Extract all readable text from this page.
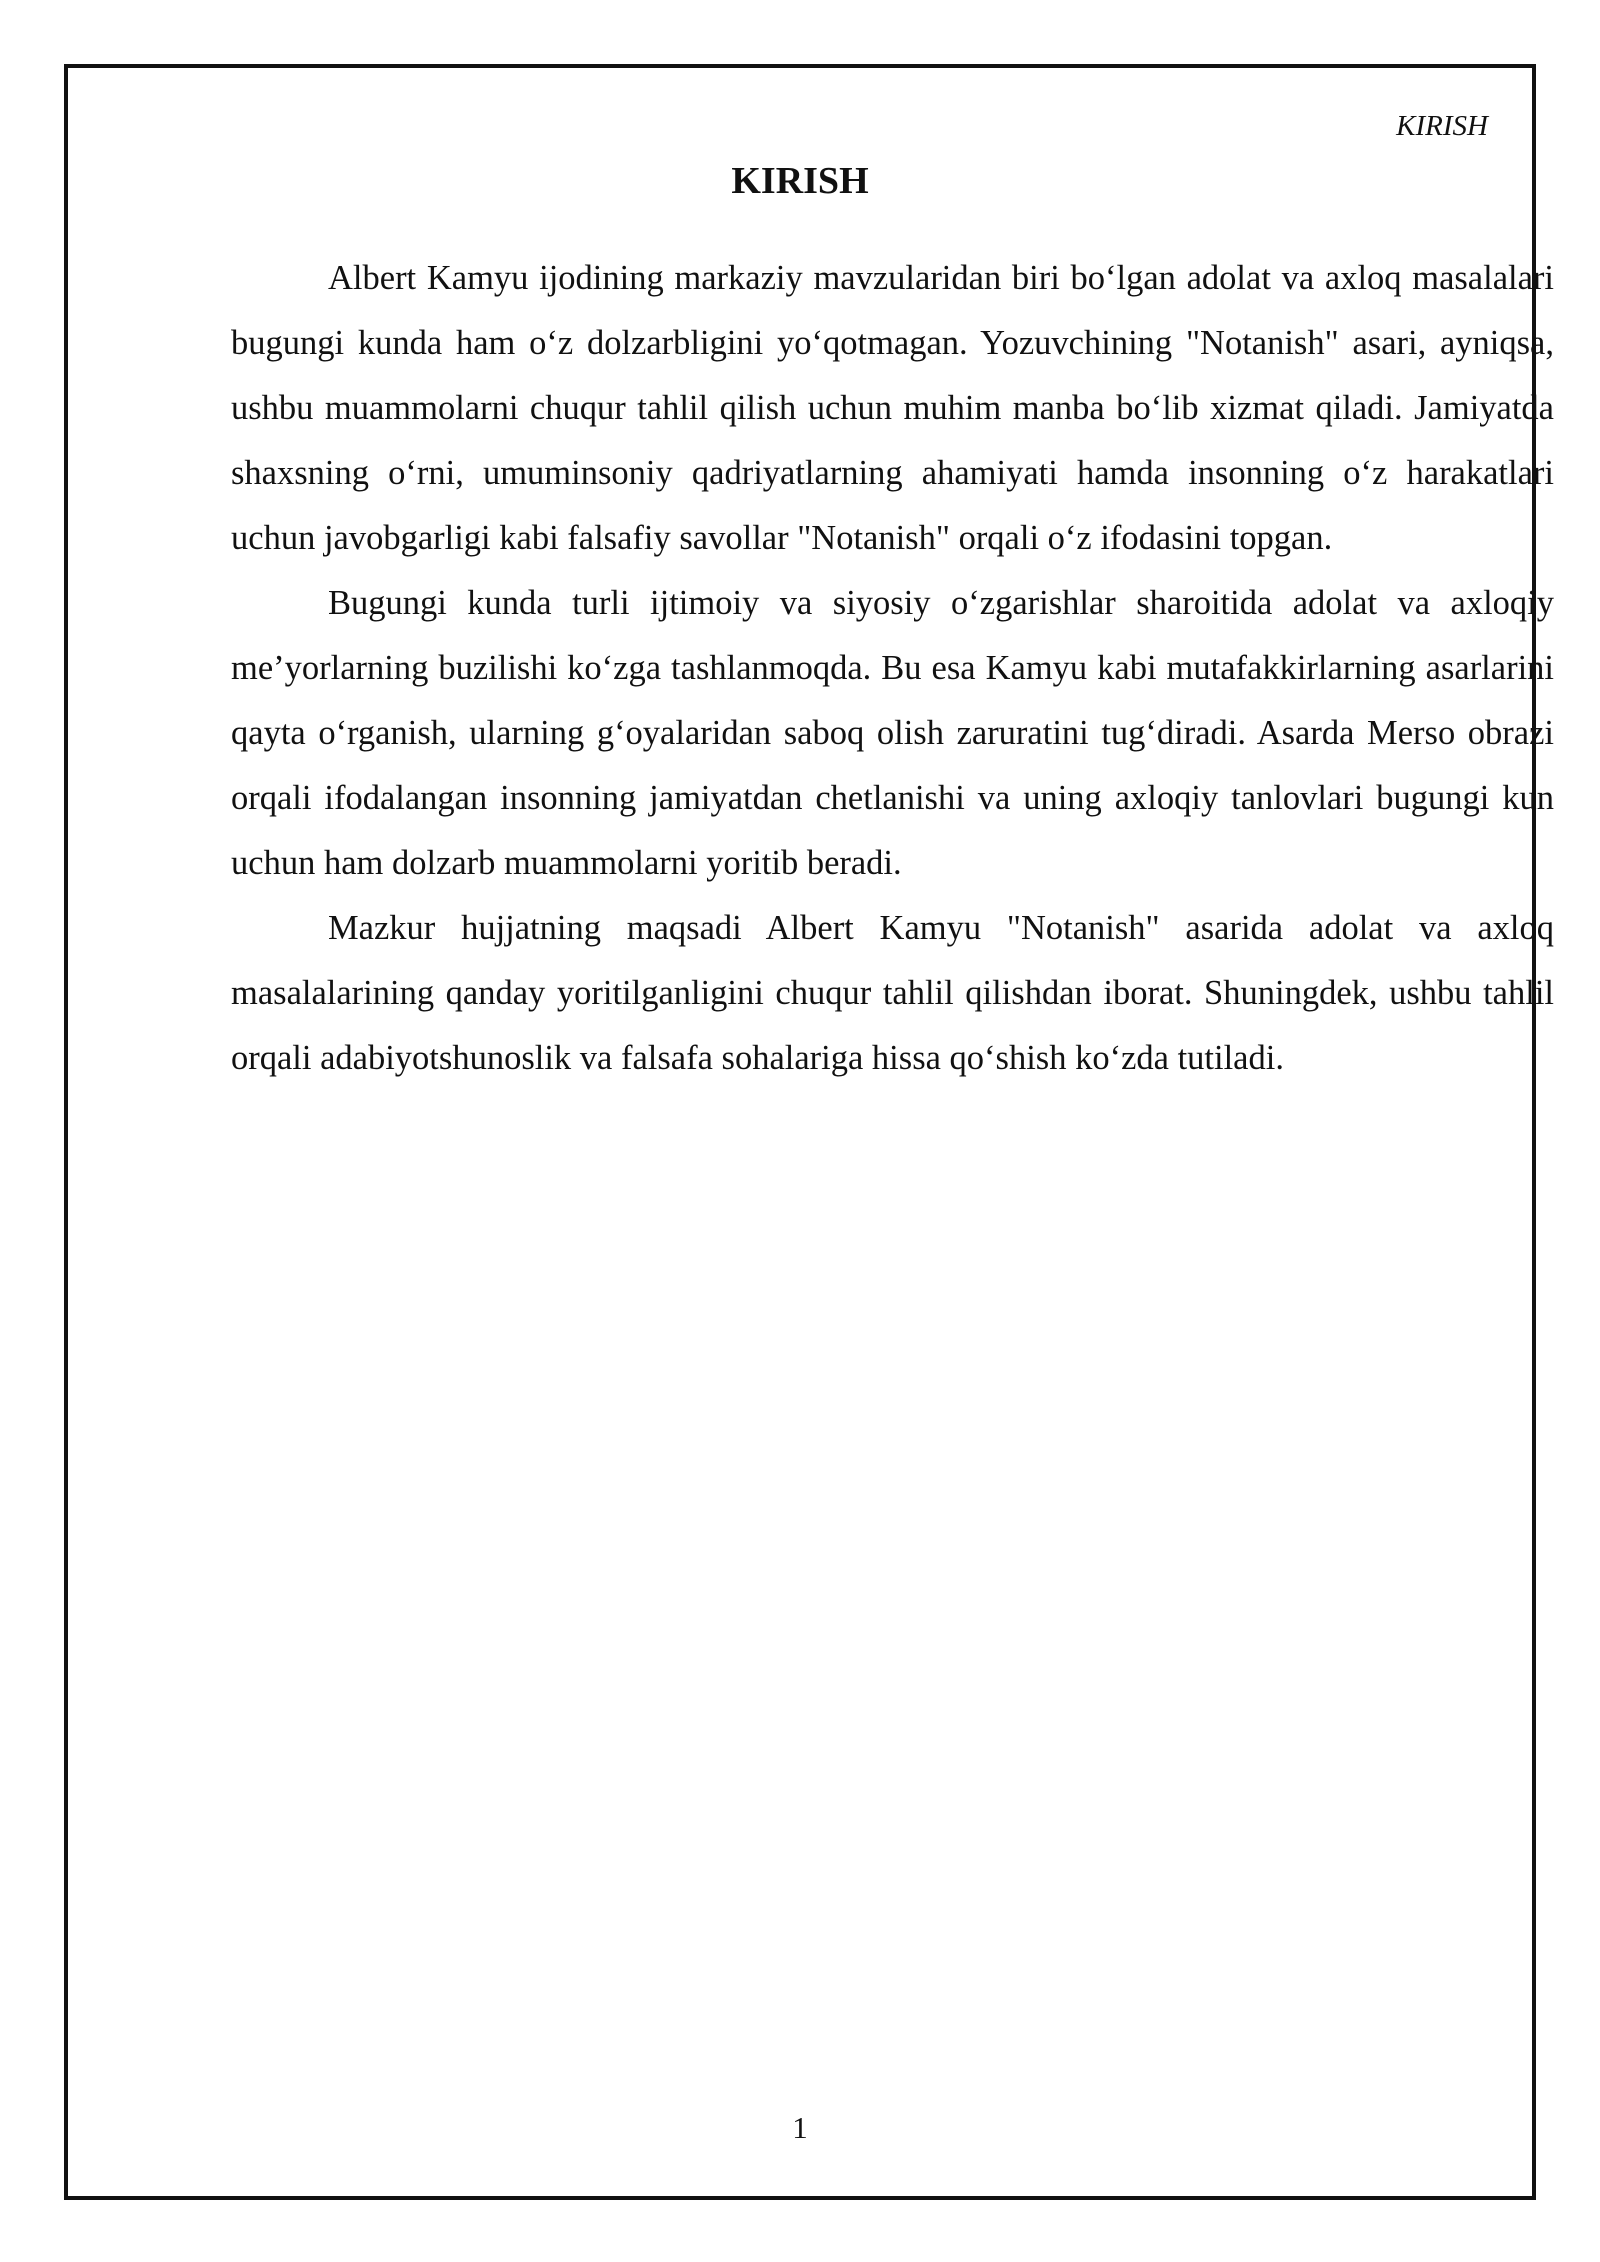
KIRISH

KIRISH

Albert Kamyu ijodining markaziy mavzularidan biri bo‘lgan adolat va axloq masalalari bugungi kunda ham o‘z dolzarbligini yo‘qotmagan. Yozuvchining "Notanish" asari, ayniqsa, ushbu muammolarni chuqur tahlil qilish uchun muhim manba bo‘lib xizmat qiladi. Jamiyatda shaxsning o‘rni, umuminsoniy qadriyatlarning ahamiyati hamda insonning o‘z harakatlari uchun javobgarligi kabi falsafiy savollar "Notanish" orqali o‘z ifodasini topgan.

Bugungi kunda turli ijtimoiy va siyosiy o‘zgarishlar sharoitida adolat va axloqiy me’yorlarning buzilishi ko‘zga tashlanmoqda. Bu esa Kamyu kabi mutafakkirlarning asarlarini qayta o‘rganish, ularning g‘oyalaridan saboq olish zaruratini tug‘diradi. Asarda Merso obrazi orqali ifodalangan insonning jamiyatdan chetlanishi va uning axloqiy tanlovlari bugungi kun uchun ham dolzarb muammolarni yoritib beradi.

Mazkur hujjatning maqsadi Albert Kamyu "Notanish" asarida adolat va axloq masalalarining qanday yoritilganligini chuqur tahlil qilishdan iborat. Shuningdek, ushbu tahlil orqali adabiyotshunoslik va falsafa sohalariga hissa qo‘shish ko‘zda tutiladi.

1
